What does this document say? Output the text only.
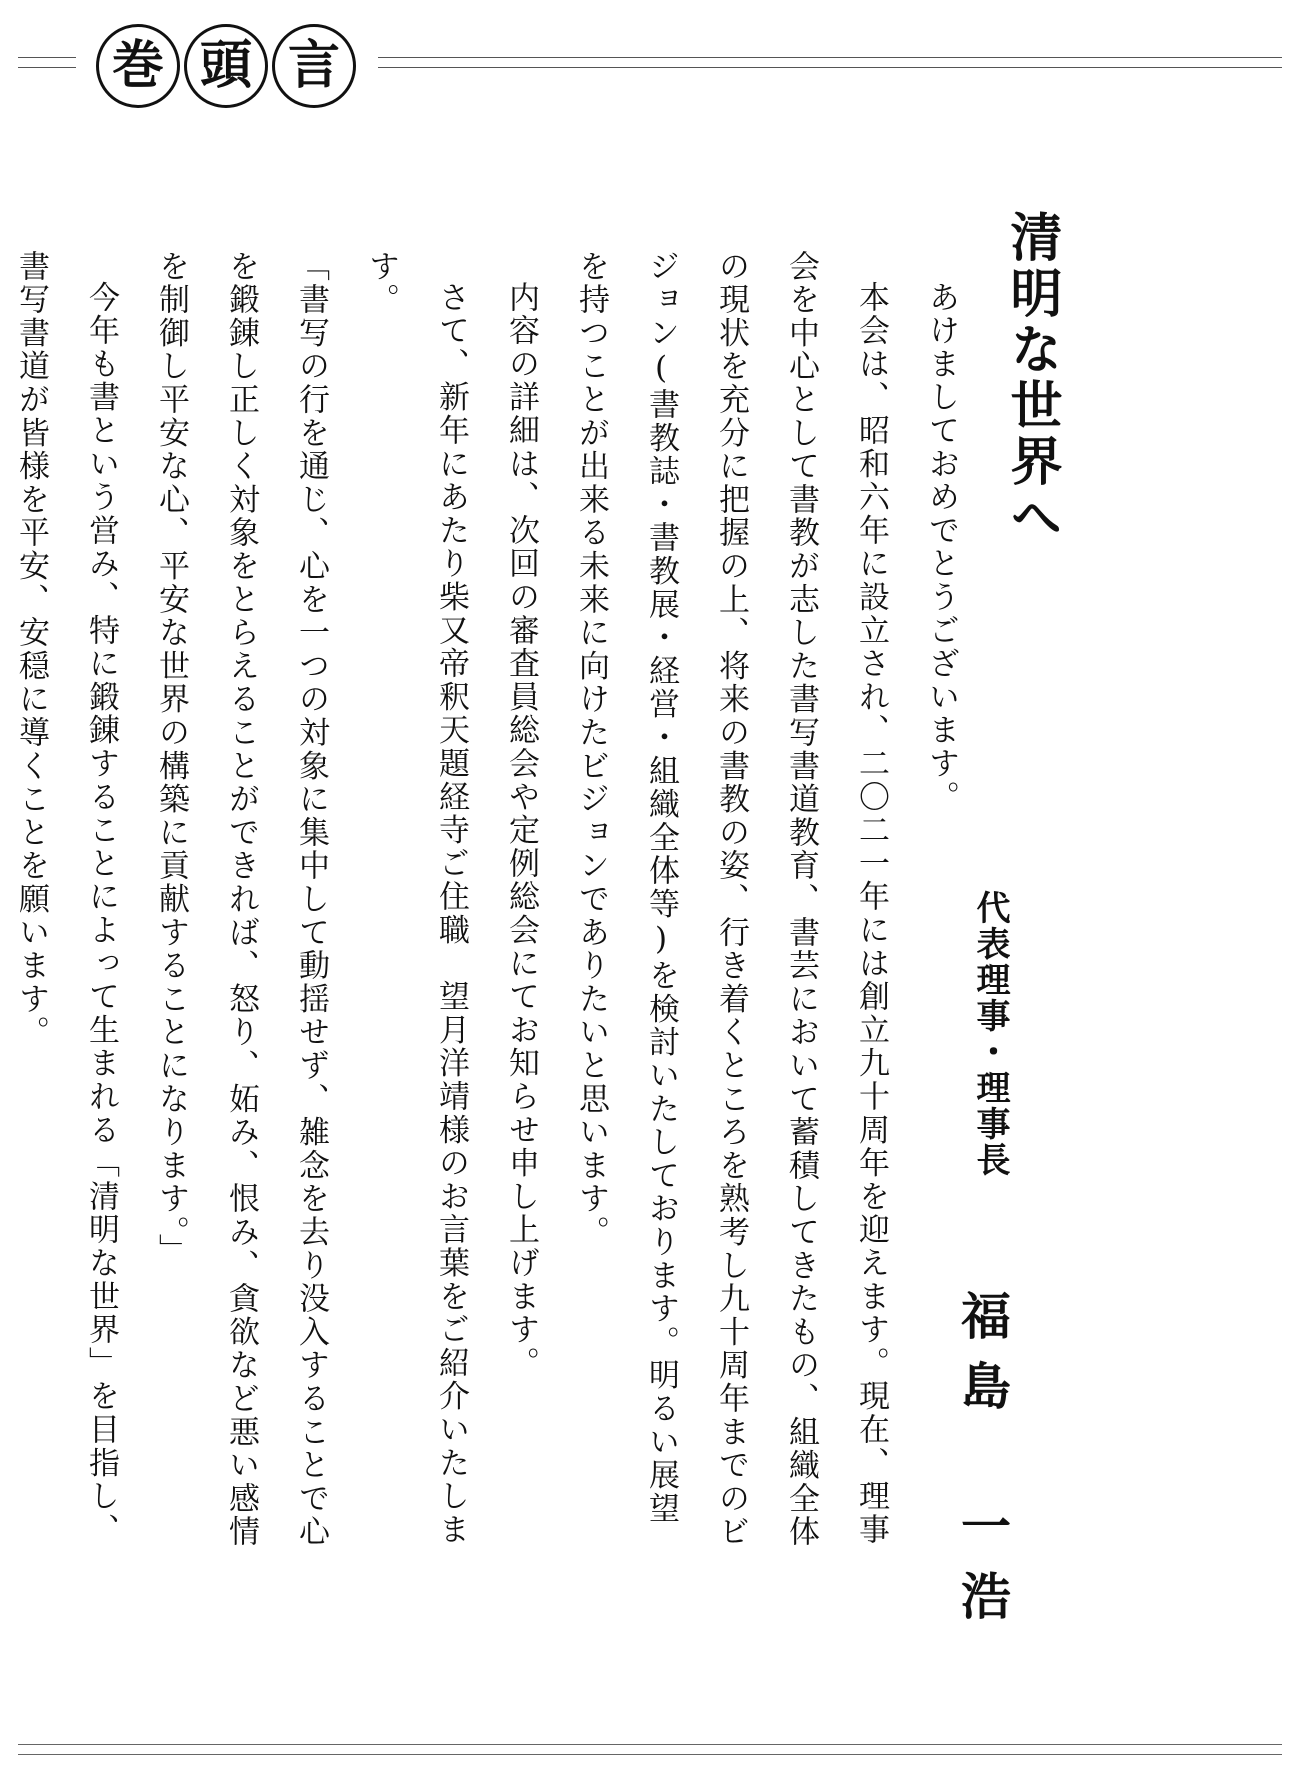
巻 頭 言
清明な世界へ
代表理事・理事長
福島　一浩

あけましておめでとうございます。

本会は、昭和六年に設立され、二〇二一年には創立九十周年を迎えます。現在、理事会を中心として書教が志した書写書道教育、書芸において蓄積してきたもの、組織全体の現状を充分に把握の上、将来の書教の姿、行き着くところを熟考し九十周年までのビジョン(書教誌・書教展・経営・組織全体等)を検討いたしております。明るい展望を持つことが出来る未来に向けたビジョンでありたいと思います。

内容の詳細は、次回の審査員総会や定例総会にてお知らせ申し上げます。

さて、新年にあたり柴又帝釈天題経寺ご住職　望月洋靖様のお言葉をご紹介いたします。

「書写の行を通じ、心を一つの対象に集中して動揺せず、雑念を去り没入することで心を鍛錬し正しく対象をとらえることができれば、怒り、妬み、恨み、貪欲など悪い感情を制御し平安な心、平安な世界の構築に貢献することになります。」

今年も書という営み、特に鍛錬することによって生まれる「清明な世界」を目指し、書写書道が皆様を平安、安穏に導くことを願います。
